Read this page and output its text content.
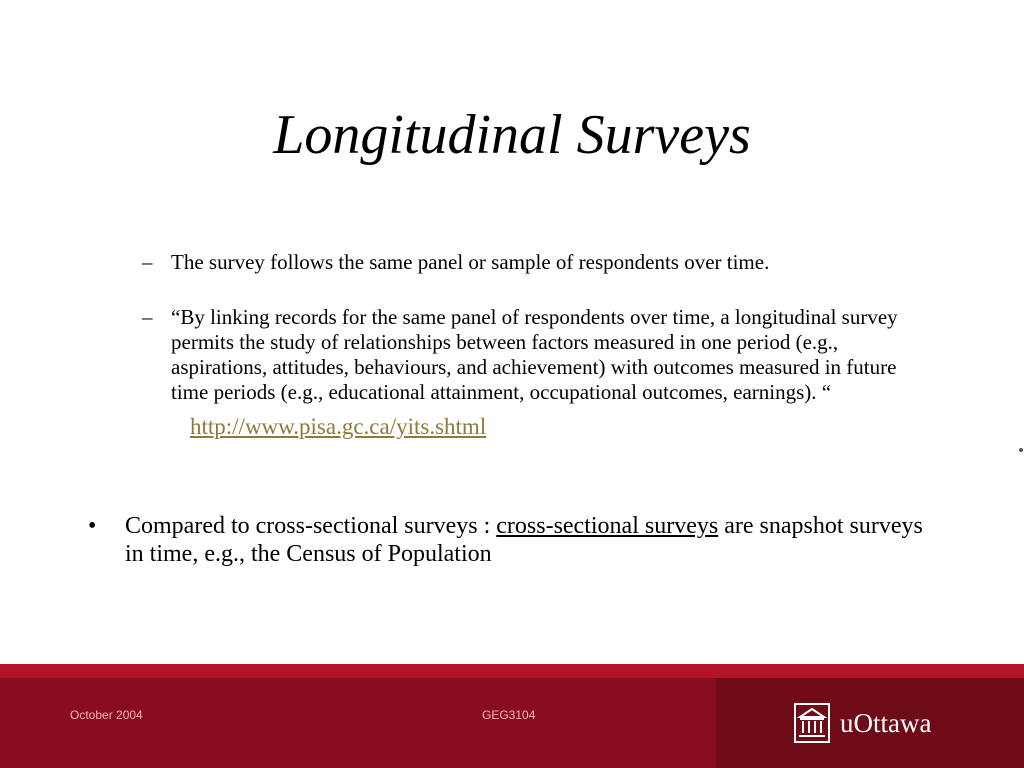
Longitudinal Surveys
– The survey follows the same panel or sample of respondents over time.
– “By linking records for the same panel of respondents over time, a longitudinal survey permits the study of relationships between factors measured in one period (e.g., aspirations, attitudes, behaviours, and achievement) with outcomes measured in future time periods (e.g., educational attainment, occupational outcomes, earnings). “
http://www.pisa.gc.ca/yits.shtml
• Compared to cross-sectional surveys : cross-sectional surveys are snapshot surveys in time, e.g., the Census of Population
October 2004	GEG3104	uOttawa
